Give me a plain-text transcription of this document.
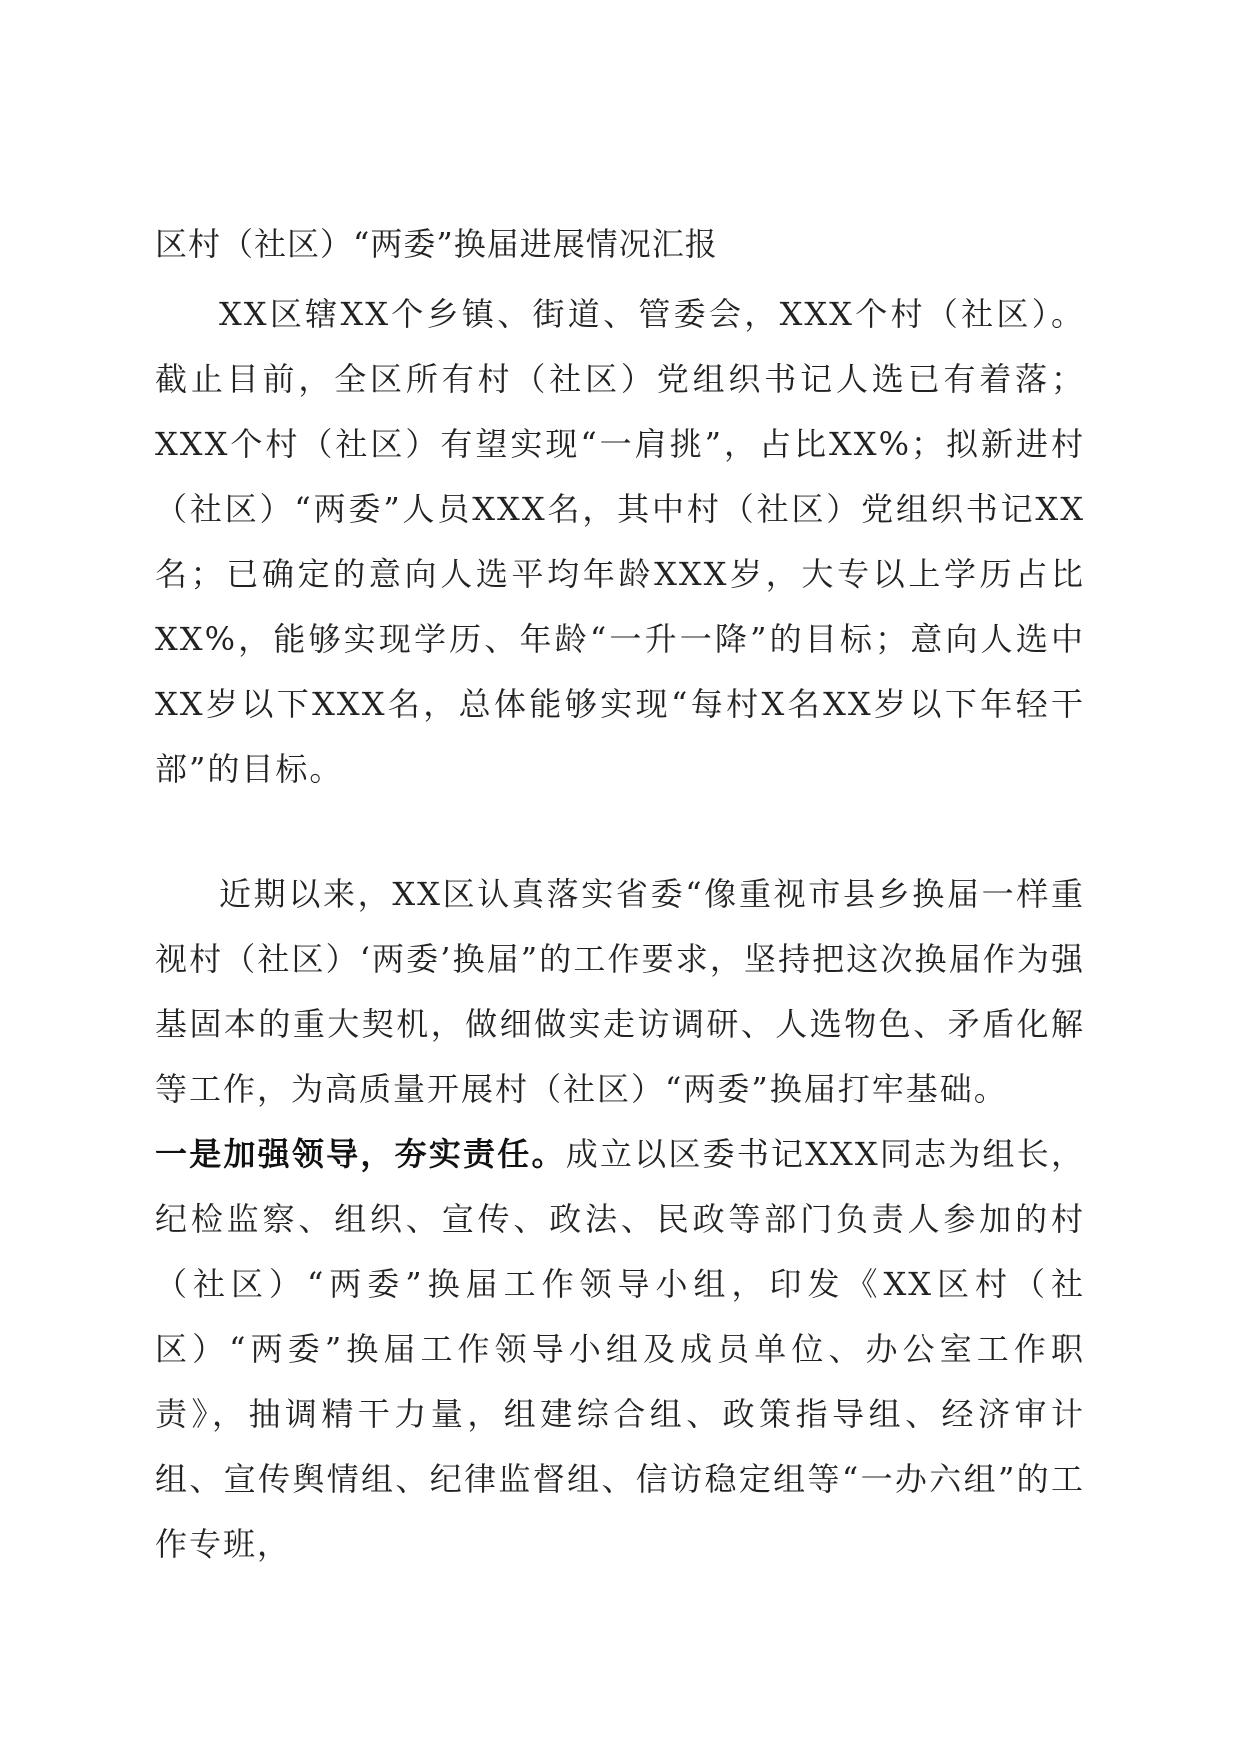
区村（社区）“两委”换届进展情况汇报

XX区辖XX个乡镇、街道、管委会，XXX个村（社区）。截止目前，全区所有村（社区）党组织书记人选已有着落；XXX个村（社区）有望实现“一肩挑”，占比XX%；拟新进村（社区）“两委”人员XXX名，其中村（社区）党组织书记XX名；已确定的意向人选平均年龄XXX岁，大专以上学历占比XX%，能够实现学历、年龄“一升一降”的目标；意向人选中XX岁以下XXX名，总体能够实现“每村X名XX岁以下年轻干部”的目标。

近期以来，XX区认真落实省委“像重视市县乡换届一样重视村（社区）‘两委’换届”的工作要求，坚持把这次换届作为强基固本的重大契机，做细做实走访调研、人选物色、矛盾化解等工作，为高质量开展村（社区）“两委”换届打牢基础。

一是加强领导，夯实责任。成立以区委书记XXX同志为组长，纪检监察、组织、宣传、政法、民政等部门负责人参加的村（社区）“两委”换届工作领导小组，印发《XX区村（社区）“两委”换届工作领导小组及成员单位、办公室工作职责》，抽调精干力量，组建综合组、政策指导组、经济审计组、宣传舆情组、纪律监督组、信访稳定组等“一办六组”的工作专班，
